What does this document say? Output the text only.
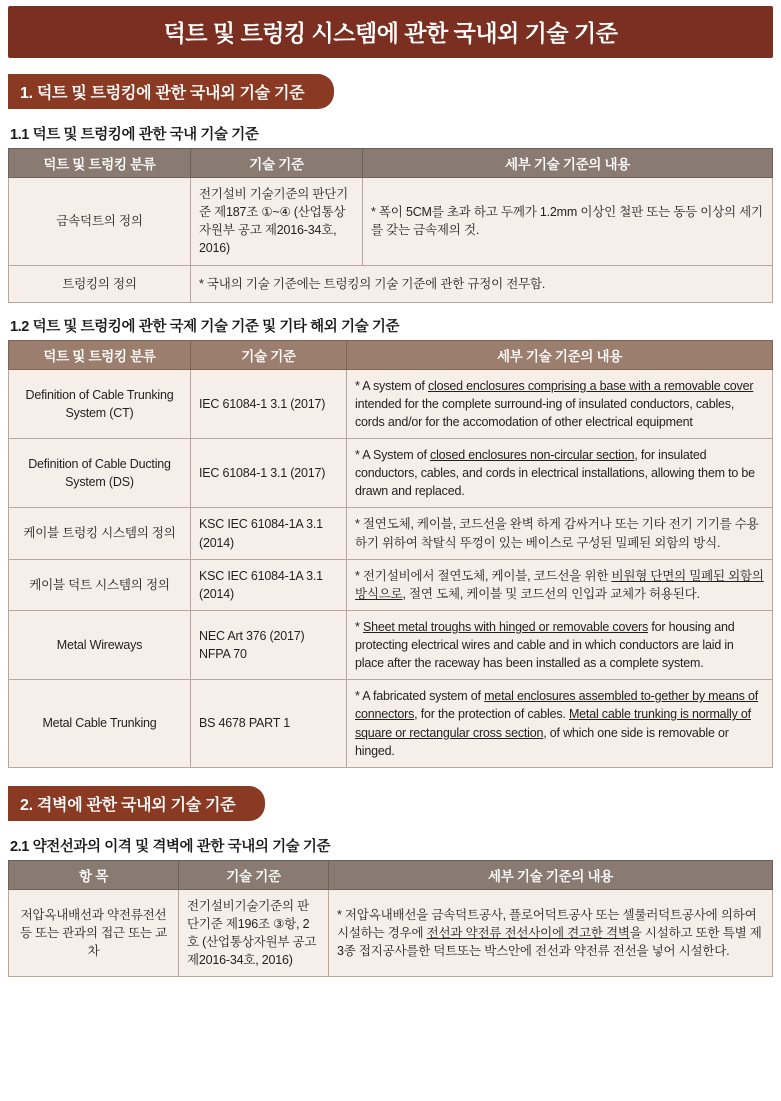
덕트 및 트렁킹 시스템에 관한 국내외 기술 기준
1. 덕트 및 트렁킹에 관한 국내외 기술 기준
1.1 덕트 및 트렁킹에 관한 국내 기술 기준
덕트 및 트렁킹 분류	기술 기준	세부 기술 기준의 내용
금속덕트의 정의	전기설비 기술기준의 판단기준 제187조 ①~④ (산업통상자원부 공고 제2016-34호, 2016)	* 폭이 5CM를 초과 하고 두께가 1.2mm 이상인 철판 또는 동등 이상의 세기를 갖는 금속제의 것.
트렁킹의 정의	* 국내의 기술 기준에는 트렁킹의 기술 기준에 관한 규정이 전무함.	
1.2 덕트 및 트렁킹에 관한 국제 기술 기준 및 기타 해외 기술 기준
덕트 및 트렁킹 분류	기술 기준	세부 기술 기준의 내용
Definition of Cable Trunking System (CT)	IEC 61084-1 3.1 (2017)	* A system of closed enclosures comprising a base with a removable cover intended for the complete surround-ing of insulated conductors, cables, cords and/or for the accomodation of other electrical equipment
Definition of Cable Ducting System (DS)	IEC 61084-1 3.1 (2017)	* A System of closed enclosures non-circular section, for insulated conductors, cables, and cords in electrical installations, allowing them to be drawn and replaced.
케이블 트렁킹 시스템의 정의	KSC IEC 61084-1A 3.1 (2014)	* 절연도체, 케이블, 코드선을 완벽 하게 감싸거나 또는 기타 전기 기기를 수용하기 위하여 착탈식 뚜껑이 있는 베이스로 구성된 밀폐된 외함의 방식.
케이블 덕트 시스템의 정의	KSC IEC 61084-1A 3.1 (2014)	* 전기설비에서 절연도체, 케이블, 코드선을 위한 비원형 단면의 밀폐된 외함의 방식으로, 절연 도체, 케이블 및 코드선의 인입과 교체가 허용된다.
Metal Wireways	NEC Art 376 (2017) NFPA 70	* Sheet metal troughs with hinged or removable covers for housing and protecting electrical wires and cable and in which conductors are laid in place after the raceway has been installed as a complete system.
Metal Cable Trunking	BS 4678 PART 1	* A fabricated system of metal enclosures assembled to-gether by means of connectors, for the protection of cables. Metal cable trunking is normally of square or rectangular cross section, of which one side is removable or hinged.
2. 격벽에 관한 국내외 기술 기준
2.1 약전선과의 이격 및 격벽에 관한 국내의 기술 기준
항 목	기술 기준	세부 기술 기준의 내용
저압옥내배선과 약전류전선 등 또는 관과의 접근 또는 교차	전기설비기술기준의 판단기준 제196조 ③항, 2호 (산업통상자원부 공고 제2016-34호, 2016)	* 저압옥내배선을 금속덕트공사, 플로어덕트공사 또는 셀룰러덕트공사에 의하여 시설하는 경우에 전선과 약전류 전선사이에 견고한 격벽을 시설하고 또한 특별 제3종 접지공사를한 덕트또는 박스안에 전선과 약전류 전선을 넣어 시설한다.
